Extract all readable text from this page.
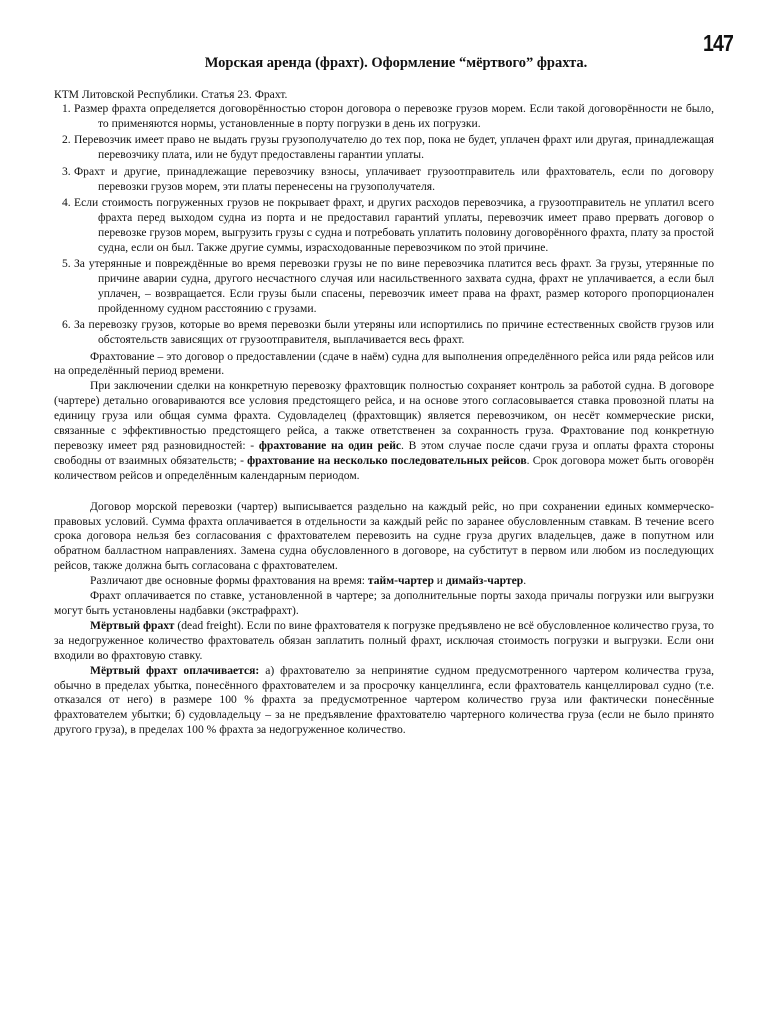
147
Морская аренда (фрахт). Оформление “мёртвого” фрахта.

КТМ Литовской Республики. Статья 23. Фрахт.

1. Размер фрахта определяется договорённостью сторон договора о перевозке грузов морем. Если такой договорённости не было, то применяются нормы, установленные в порту погрузки в день их погрузки.
2. Перевозчик имеет право не выдать грузы грузополучателю до тех пор, пока не будет, уплачен фрахт или другая, принадлежащая перевозчику плата, или не будут предоставлены гарантии уплаты.
3. Фрахт и другие, принадлежащие перевозчику взносы, уплачивает грузоотправитель или фрахтователь, если по договору перевозки грузов морем, эти платы перенесены на грузополучателя.
4. Если стоимость погруженных грузов не покрывает фрахт, и других расходов перевозчика, а грузоотправитель не уплатил всего фрахта перед выходом судна из порта и не предоставил гарантий уплаты, перевозчик имеет право прервать договор о перевозке грузов морем, выгрузить грузы с судна и потребовать уплатить половину договорённого фрахта, плату за простой судна, если он был. Также другие суммы, израсходованные перевозчиком по этой причине.
5. За утерянные и повреждённые во время перевозки грузы не по вине перевозчика платится весь фрахт. За грузы, утерянные по причине аварии судна, другого несчастного случая или насильственного захвата судна, фрахт не уплачивается, а если был уплачен, – возвращается. Если грузы были спасены, перевозчик имеет права на фрахт, размер которого пропорционален пройденному судном расстоянию с грузами.
6. За перевозку грузов, которые во время перевозки были утеряны или испортились по причине естественных свойств грузов или обстоятельств зависящих от грузоотправителя, выплачивается весь фрахт.

Фрахтование – это договор о предоставлении (сдаче в наём) судна для выполнения определённого рейса или ряда рейсов или на определённый период времени.

При заключении сделки на конкретную перевозку фрахтовщик полностью сохраняет контроль за работой судна. В договоре (чартере) детально оговариваются все условия предстоящего рейса, и на основе этого согласовывается ставка провозной платы на единицу груза или общая сумма фрахта. Судовладелец (фрахтовщик) является перевозчиком, он несёт коммерческие риски, связанные с эффективностью предстоящего рейса, а также ответственен за сохранность груза. Фрахтование под конкретную перевозку имеет ряд разновидностей: - фрахтование на один рейс. В этом случае после сдачи груза и оплаты фрахта стороны свободны от взаимных обязательств; - фрахтование на несколько последовательных рейсов. Срок договора может быть оговорён количеством рейсов и определённым календарным периодом.

Договор морской перевозки (чартер) выписывается раздельно на каждый рейс, но при сохранении единых коммерческо-правовых условий. Сумма фрахта оплачивается в отдельности за каждый рейс по заранее обусловленным ставкам. В течение всего срока договора нельзя без согласования с фрахтователем перевозить на судне груза других владельцев, даже в попутном или обратном балластном направлениях. Замена судна обусловленного в договоре, на субститут в первом или любом из последующих рейсов, также должна быть согласована с фрахтователем.

Различают две основные формы фрахтования на время: тайм-чартер и димайз-чартер.

Фрахт оплачивается по ставке, установленной в чартере; за дополнительные порты захода причалы погрузки или выгрузки могут быть установлены надбавки (экстрафрахт).

Мёртвый фрахт (dead freight). Если по вине фрахтователя к погрузке предъявлено не всё обусловленное количество груза, то за недогруженное количество фрахтователь обязан заплатить полный фрахт, исключая стоимость погрузки и выгрузки. Если они входили во фрахтовую ставку.

Мёртвый фрахт оплачивается: а) фрахтователю за непринятие судном предусмотренного чартером количества груза, обычно в пределах убытка, понесённого фрахтователем и за просрочку канцеллинга, если фрахтователь канцеллировал судно (т.е. отказался от него) в размере 100 % фрахта за предусмотренное чартером количество груза или фактически понесённые фрахтователем убытки; б) судовладельцу – за не предъявление фрахтователю чартерного количества груза (если не было принято другого груза), в пределах 100 % фрахта за недогруженное количество.
